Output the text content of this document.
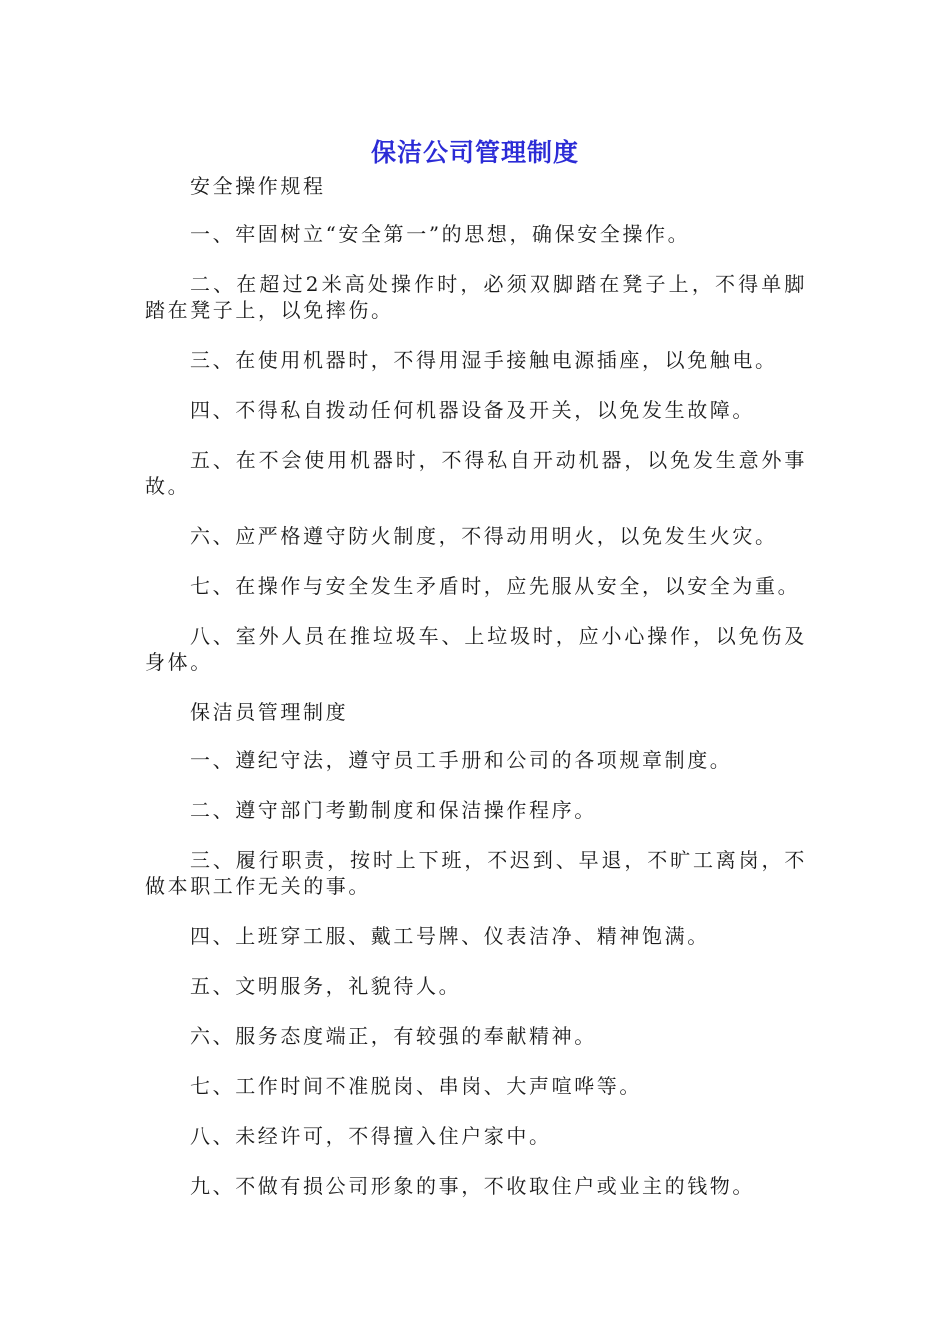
保洁公司管理制度

安全操作规程

一、牢固树立“安全第一”的思想，确保安全操作。

二、在超过2米高处操作时，必须双脚踏在凳子上，不得单脚踏在凳子上，以免摔伤。

三、在使用机器时，不得用湿手接触电源插座，以免触电。

四、不得私自拨动任何机器设备及开关，以免发生故障。

五、在不会使用机器时，不得私自开动机器，以免发生意外事故。

六、应严格遵守防火制度，不得动用明火，以免发生火灾。

七、在操作与安全发生矛盾时，应先服从安全，以安全为重。

八、室外人员在推垃圾车、上垃圾时，应小心操作，以免伤及身体。

保洁员管理制度

一、遵纪守法，遵守员工手册和公司的各项规章制度。

二、遵守部门考勤制度和保洁操作程序。

三、履行职责，按时上下班，不迟到、早退，不旷工离岗，不做本职工作无关的事。

四、上班穿工服、戴工号牌、仪表洁净、精神饱满。

五、文明服务，礼貌待人。

六、服务态度端正，有较强的奉献精神。

七、工作时间不准脱岗、串岗、大声喧哗等。

八、未经许可，不得擅入住户家中。

九、不做有损公司形象的事，不收取住户或业主的钱物。
